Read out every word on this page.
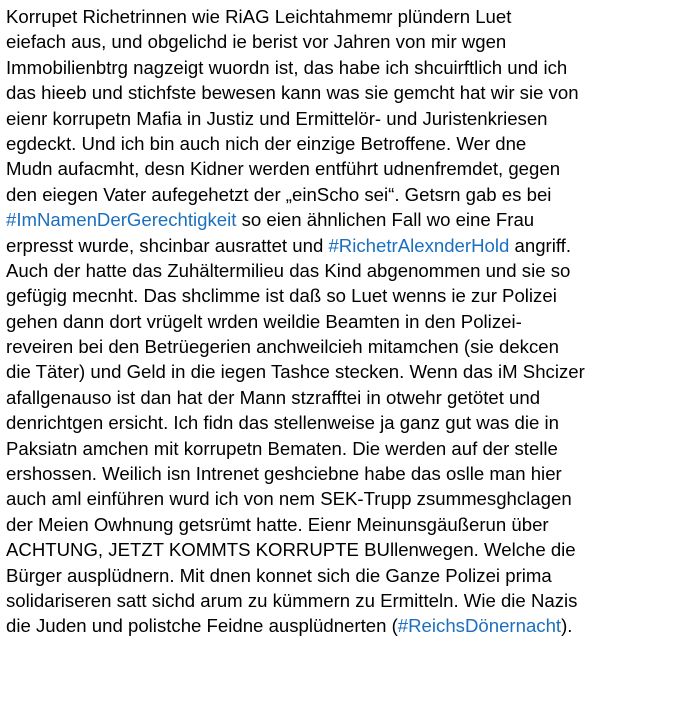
Korrupet Richetrinnen wie RiAG Leichtahmemr plündern Luet
eiefach aus, und obgelichd ie berist vor Jahren von mir wgen
Immobilienbtrg nagzeigt wuordn ist, das habe ich shcuirftlich und ich
das hieeb und stichfste bewesen kann was sie gemcht hat wir sie von
eienr korrupetn Mafia in Justiz und Ermittelör- und Juristenkriesen
egdeckt. Und ich bin auch nich der einzige Betroffene. Wer dne
Mudn aufacmht, desn Kidner werden entführt udnenfremdet, gegen
den eiegen Vater aufegehetzt der „einScho sei“. Getsrn gab es bei
#ImNamenDerGerechtigkeit so eien ähnlichen Fall wo eine Frau
erpresst wurde, shcinbar ausrattet und #RichetrAlexnderHold angriff.
Auch der hatte das Zuhältermilieu das Kind abgenommen und sie so
gefügig mecnht. Das shclimme ist daß so Luet wenns ie zur Polizei
gehen dann dort vrügelt wrden weildie Beamten in den Polizei-
reveiren bei den Betrüegerien anchweilcieh mitamchen (sie dekcen
die Täter) und Geld in die iegen Tashce stecken. Wenn das iM Shcizer
afallgenauso ist dan hat der Mann stzrafftei in otwehr getötet und
denrichtgen ersicht. Ich fidn das stellenweise ja ganz gut was die in
Paksiatn amchen mit korrupetn Bematen. Die werden auf der stelle
ershossen. Weilich isn Intrenet geshciebne habe das oslle man hier
auch aml einführen wurd ich von nem SEK-Trupp zsummesghclagen
der Meien Owhnung getsrümt hatte. Eienr Meinunsgäußerun über
ACHTUNG, JETZT KOMMTS KORRUPTE BUllenwegen. Welche die
Bürger ausplüdnern. Mit dnen konnet sich die Ganze Polizei prima
solidariseren satt sichd arum zu kümmern zu Ermitteln. Wie die Nazis
die Juden und polistche Feidne ausplüdnerten (#ReichsDönernacht).
